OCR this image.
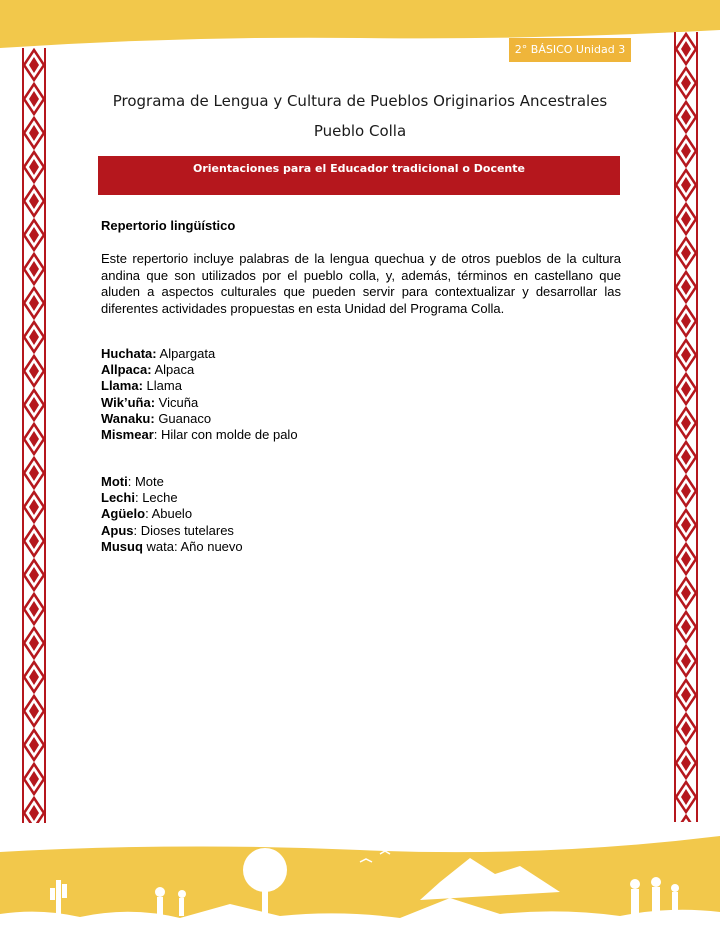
2° BÁSICO Unidad 3
Programa de Lengua y Cultura de Pueblos Originarios Ancestrales
Pueblo Colla
Orientaciones para el Educador tradicional o Docente
Repertorio lingüístico
Este repertorio incluye palabras de la lengua quechua y de otros pueblos de la cultura andina que son utilizados por el pueblo colla, y, además, términos en castellano que aluden a aspectos culturales que pueden servir para contextualizar y desarrollar las diferentes actividades propuestas en esta Unidad del Programa Colla.
Huchata: Alpargata
Allpaca: Alpaca
Llama: Llama
Wik’uña: Vicuña
Wanaku: Guanaco
Mismear: Hilar con molde de palo
Moti: Mote
Lechi: Leche
Agüelo: Abuelo
Apus: Dioses tutelares
Musuq wata: Año nuevo
